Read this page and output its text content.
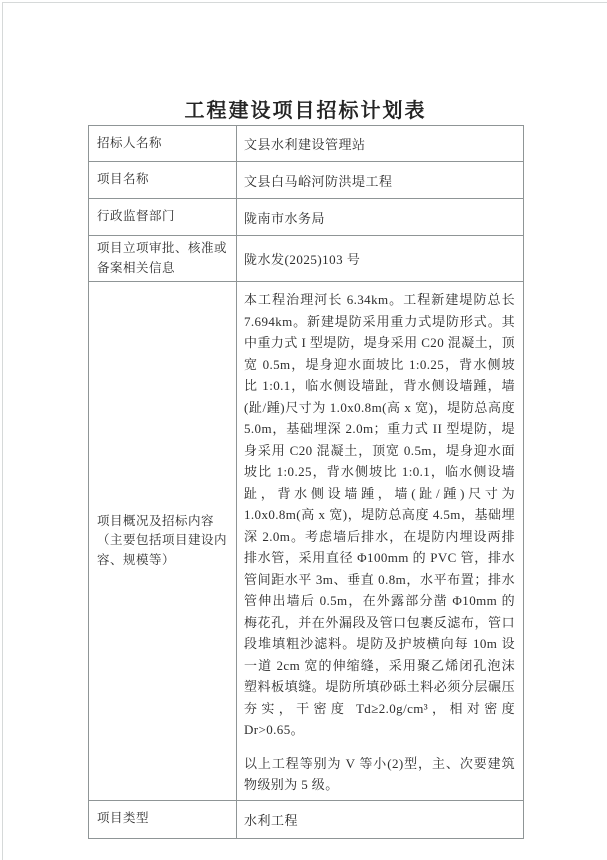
工程建设项目招标计划表
招标人名称	文县水利建设管理站
项目名称	文县白马峪河防洪堤工程
行政监督部门	陇南市水务局
项目立项审批、核准或备案相关信息	陇水发(2025)103 号
项目概况及招标内容（主要包括项目建设内容、规模等）	本工程治理河长 6.34km。工程新建堤防总长 7.694km。新建堤防采用重力式堤防形式。其中重力式 I 型堤防，堤身采用 C20 混凝土，顶宽 0.5m，堤身迎水面坡比 1:0.25，背水侧坡比 1:0.1，临水侧设墙趾，背水侧设墙踵，墙(趾/踵)尺寸为 1.0x0.8m(高 x 宽)，堤防总高度 5.0m，基础埋深 2.0m；重力式 II 型堤防，堤身采用 C20 混凝土，顶宽 0.5m，堤身迎水面坡比 1:0.25，背水侧坡比 1:0.1，临水侧设墙趾，背水侧设墙踵，墙(趾/踵)尺寸为 1.0x0.8m(高 x 宽)，堤防总高度 4.5m，基础埋深 2.0m。考虑墙后排水，在堤防内埋设两排排水管，采用直径 Φ100mm 的 PVC 管，排水管间距水平 3m、垂直 0.8m，水平布置；排水管伸出墙后 0.5m，在外露部分凿 Φ10mm 的梅花孔，并在外漏段及管口包裹反滤布，管口段堆填粗沙滤料。堤防及护坡横向每 10m 设一道 2cm 宽的伸缩缝，采用聚乙烯闭孔泡沫塑料板填缝。堤防所填砂砾土料必须分层碾压夯实，干密度 Td≥2.0g/cm³，相对密度 Dr>0.65。

以上工程等别为 V 等小(2)型，主、次要建筑物级别为 5 级。

项目类型	水利工程
